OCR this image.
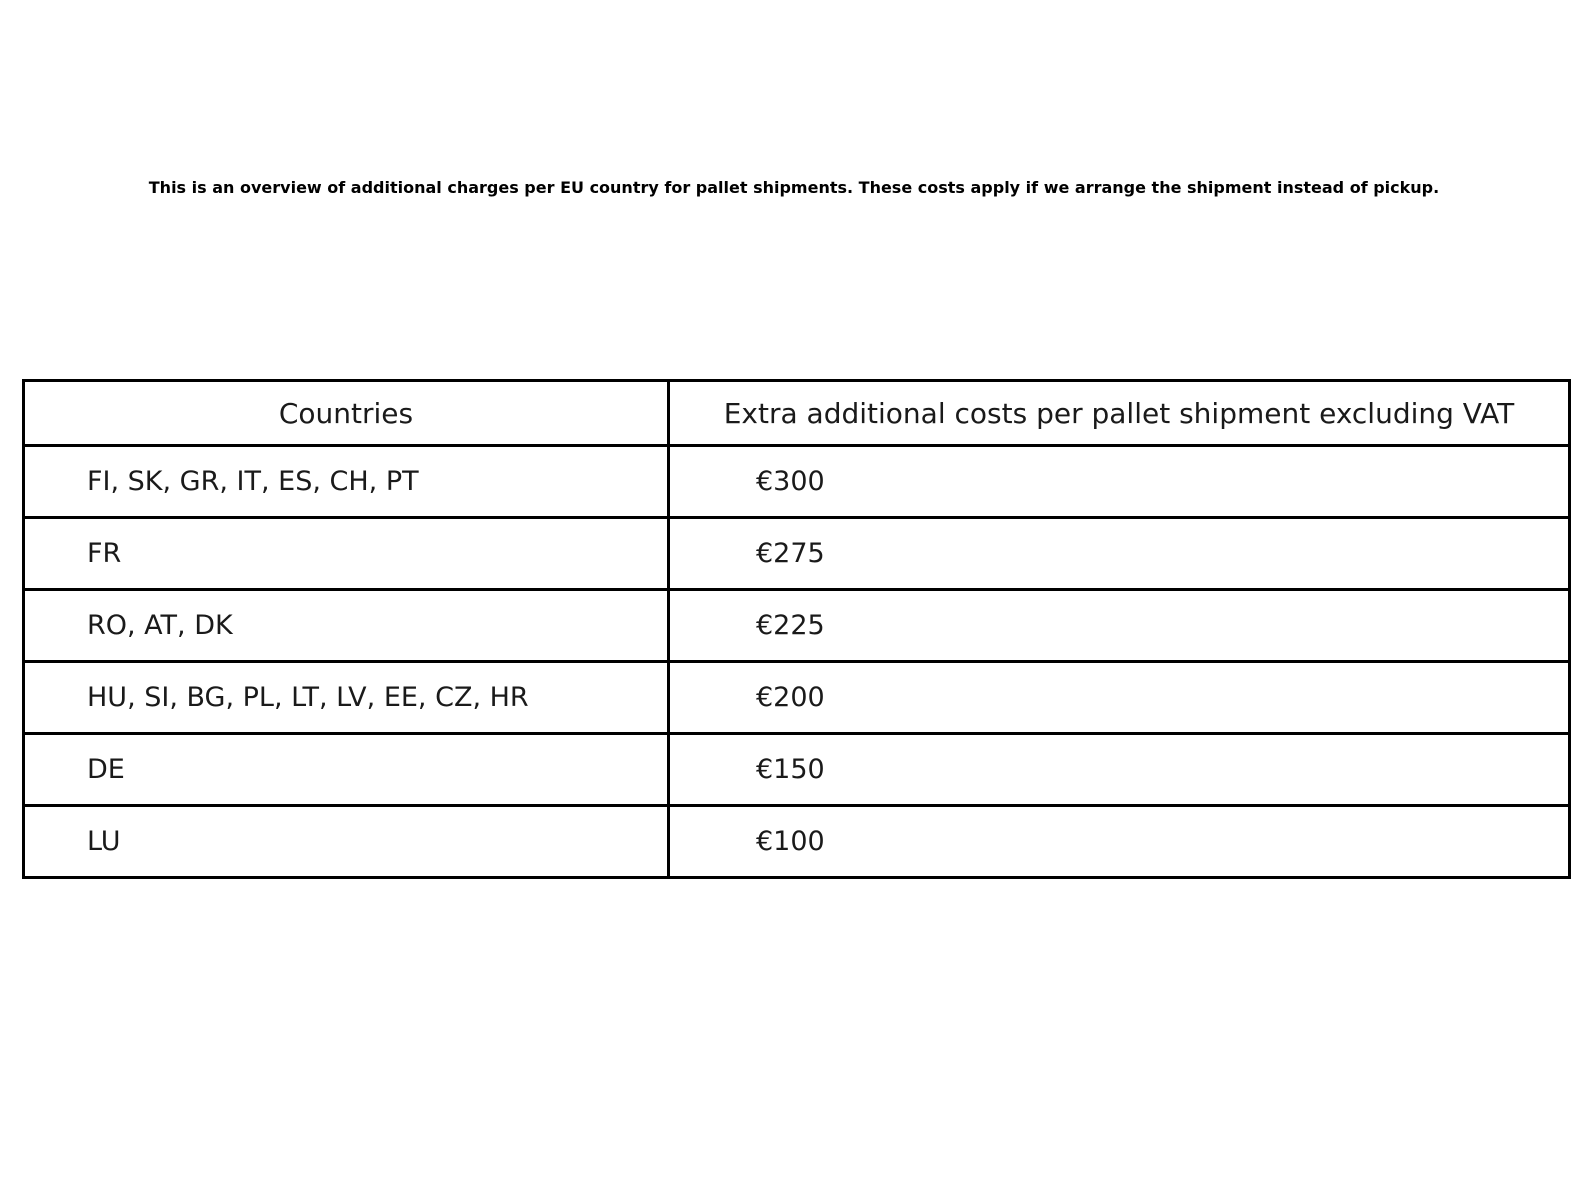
This is an overview of additional charges per EU country for pallet shipments. These costs apply if we arrange the shipment instead of pickup.

Countries	Extra additional costs per pallet shipment excluding VAT
FI, SK, GR, IT, ES, CH, PT	€300
FR	€275
RO, AT, DK	€225
HU, SI, BG, PL, LT, LV, EE, CZ, HR	€200
DE	€150
LU	€100
